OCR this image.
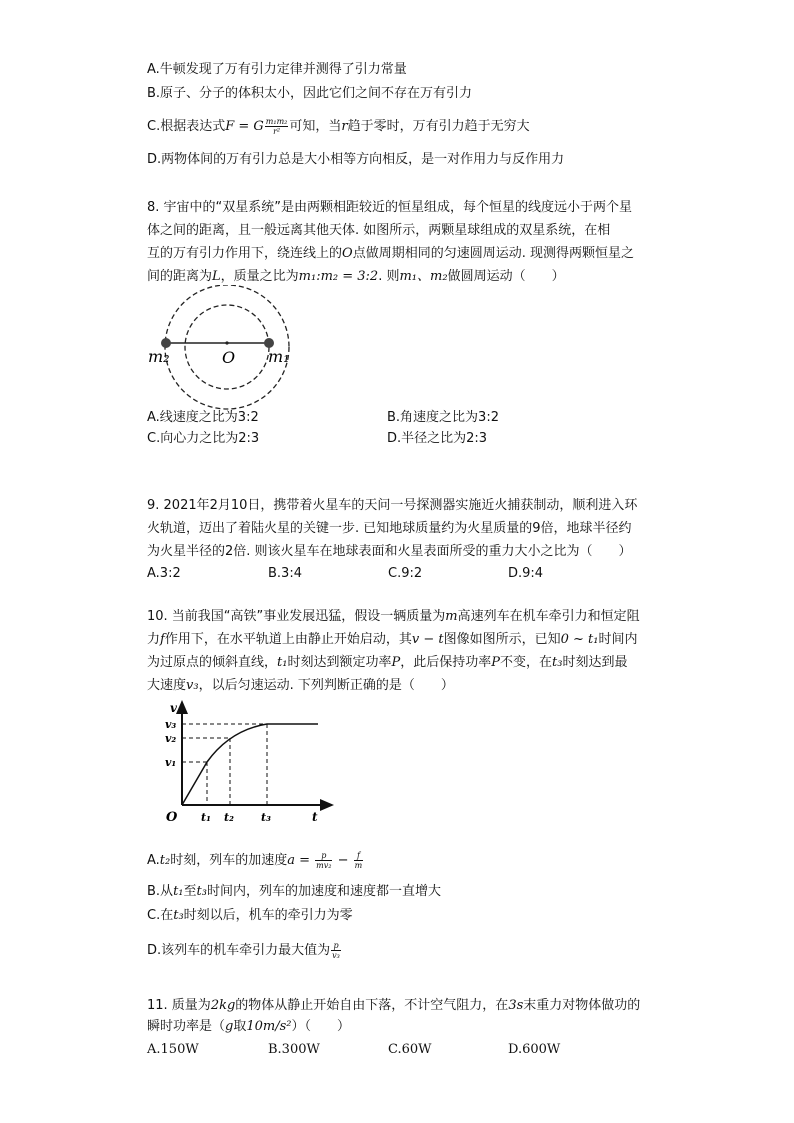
A.牛顿发现了万有引力定律并测得了引力常量
B.原子、分子的体积太小，因此它们之间不存在万有引力
C.根据表达式F = G $\frac{\text{m₁m₂}}{\text{r²}}$ 可知，当r趋于零时，万有引力趋于无穷大
D.两物体间的万有引力总是大小相等方向相反，是一对作用力与反作用力
8. 宇宙中的“双星系统”是由两颗相距较近的恒星组成，每个恒星的线度远小于两个星
体之间的距离，且一般远离其他天体. 如图所示，两颗星球组成的双星系统，在相
互的万有引力作用下，绕连线上的O点做周期相同的匀速圆周运动. 现测得两颗恒星之
间的距离为L，质量之比为m₁:m₂ = 3:2. 则m₁、m₂做圆周运动（　　）
m₂	O m₁
A.线速度之比为3:2	B.角速度之比为3:2
C.向心力之比为2:3	D.半径之比为2:3
9. 2021年2月10日，携带着火星车的天问一号探测器实施近火捕获制动，顺利进入环
火轨道，迈出了着陆火星的关键一步. 已知地球质量约为火星质量的9倍，地球半径约
为火星半径的2倍. 则该火星车在地球表面和火星表面所受的重力大小之比为（　　）
A.3:2	B.3:4	C.9:2	D.9:4
10. 当前我国“高铁”事业发展迅猛，假设一辆质量为m高速列车在机车牵引力和恒定阻
力f作用下，在水平轨道上由静止开始启动，其v − t图像如图所示，已知0 ~ t₁时间内
为过原点的倾斜直线，t₁时刻达到额定功率P，此后保持功率P不变，在t₃时刻达到最
大速度v₃，以后匀速运动. 下列判断正确的是（　　）
v
t
O
v₃
v₂
v₁
t₁ t₂ t₃
A.t₂时刻，列车的加速度$a = \frac{p}{\text{mv₂}} - \frac{f}{m}$
B.从t₁至t₃时间内，列车的加速度和速度都一直增大
C.在t₃时刻以后，机车的牵引力为零
D.该列车的机车牵引力最大值为 $\frac{p}{\text{v₃}}$
11. 质量为2kg的物体从静止开始自由下落，不计空气阻力，在3s末重力对物体做功的
瞬时功率是（g取10m/s²）（　　）
A.150W	B.300W	C.60W	D.600W
